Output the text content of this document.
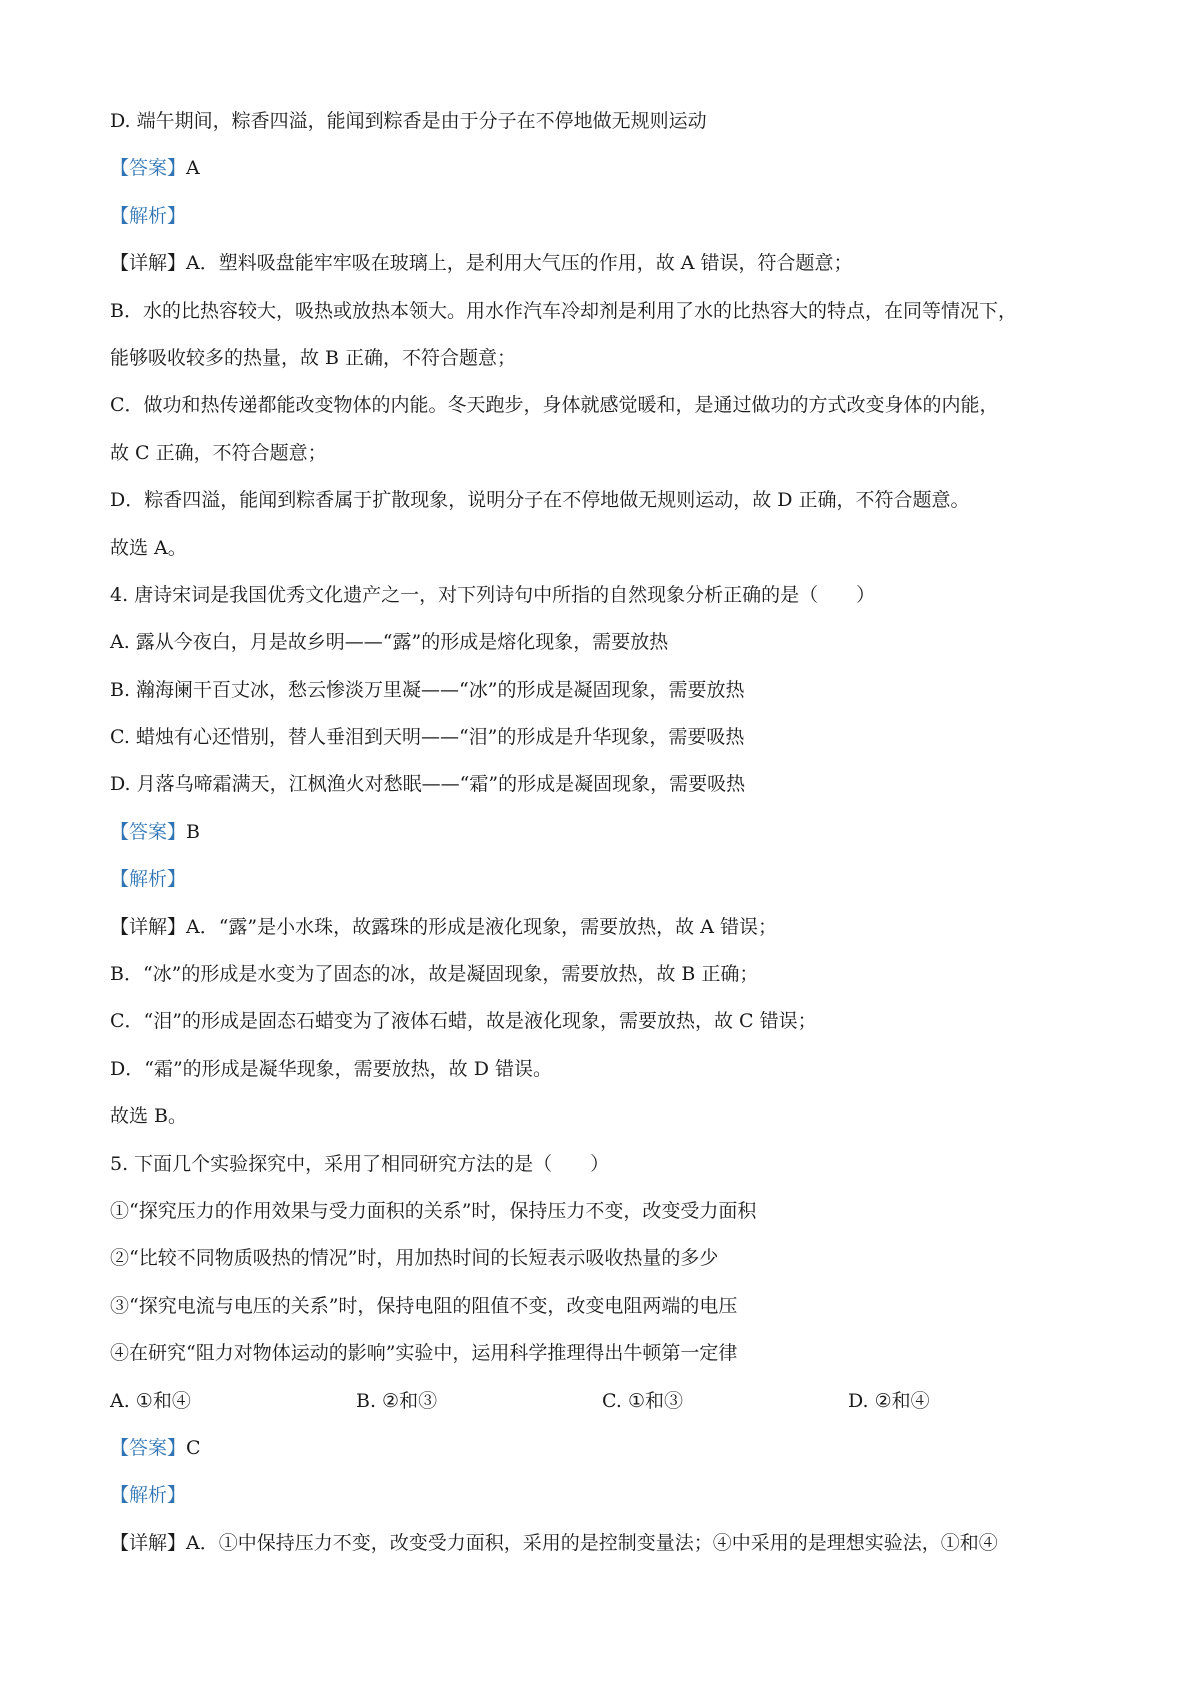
D. 端午期间，粽香四溢，能闻到粽香是由于分子在不停地做无规则运动
【答案】A
【解析】
【详解】A．塑料吸盘能牢牢吸在玻璃上，是利用大气压的作用，故 A 错误，符合题意；
B．水的比热容较大，吸热或放热本领大。用水作汽车冷却剂是利用了水的比热容大的特点，在同等情况下，
能够吸收较多的热量，故 B 正确，不符合题意；
C．做功和热传递都能改变物体的内能。冬天跑步，身体就感觉暖和，是通过做功的方式改变身体的内能，
故 C 正确，不符合题意；
D．粽香四溢，能闻到粽香属于扩散现象，说明分子在不停地做无规则运动，故 D 正确，不符合题意。
故选 A。
4. 唐诗宋词是我国优秀文化遗产之一，对下列诗句中所指的自然现象分析正确的是（　　）
A. 露从今夜白，月是故乡明——“露”的形成是熔化现象，需要放热
B. 瀚海阑干百丈冰，愁云惨淡万里凝——“冰”的形成是凝固现象，需要放热
C. 蜡烛有心还惜别，替人垂泪到天明——“泪”的形成是升华现象，需要吸热
D. 月落乌啼霜满天，江枫渔火对愁眠——“霜”的形成是凝固现象，需要吸热
【答案】B
【解析】
【详解】A．“露”是小水珠，故露珠的形成是液化现象，需要放热，故 A 错误；
B．“冰”的形成是水变为了固态的冰，故是凝固现象，需要放热，故 B 正确；
C．“泪”的形成是固态石蜡变为了液体石蜡，故是液化现象，需要放热，故 C 错误；
D．“霜”的形成是凝华现象，需要放热，故 D 错误。
故选 B。
5. 下面几个实验探究中，采用了相同研究方法的是（　　）
①“探究压力的作用效果与受力面积的关系”时，保持压力不变，改变受力面积
②“比较不同物质吸热的情况”时，用加热时间的长短表示吸收热量的多少
③“探究电流与电压的关系”时，保持电阻的阻值不变，改变电阻两端的电压
④在研究“阻力对物体运动的影响”实验中，运用科学推理得出牛顿第一定律
A. ①和④	B. ②和③	C. ①和③	D. ②和④
【答案】C
【解析】
【详解】A．①中保持压力不变，改变受力面积，采用的是控制变量法；④中采用的是理想实验法，①和④
